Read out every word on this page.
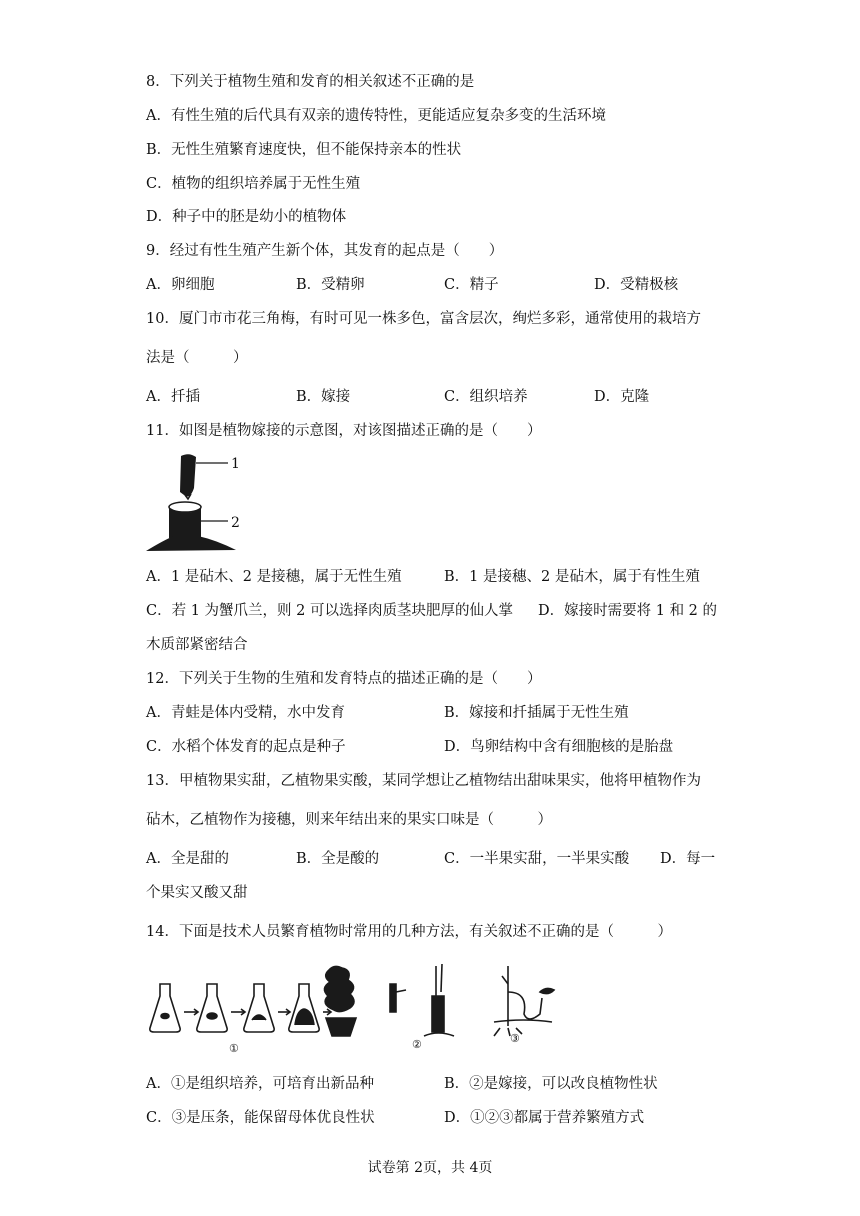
8．下列关于植物生殖和发育的相关叙述不正确的是
A．有性生殖的后代具有双亲的遗传特性，更能适应复杂多变的生活环境
B．无性生殖繁育速度快，但不能保持亲本的性状
C．植物的组织培养属于无性生殖
D．种子中的胚是幼小的植物体
9．经过有性生殖产生新个体，其发育的起点是（　　）
A．卵细胞	B．受精卵	C．精子	D．受精极核
10．厦门市市花三角梅，有时可见一株多色，富含层次，绚烂多彩，通常使用的栽培方
法是（　　　）
A．扦插	B．嫁接	C．组织培养	D．克隆
11．如图是植物嫁接的示意图，对该图描述正确的是（　　）
1
2
A．1 是砧木、2 是接穗，属于无性生殖	B．1 是接穗、2 是砧木，属于有性生殖
C．若 1 为蟹爪兰，则 2 可以选择肉质茎块肥厚的仙人掌 D．嫁接时需要将 1 和 2 的
木质部紧密结合
12．下列关于生物的生殖和发育特点的描述正确的是（　　）
A．青蛙是体内受精，水中发育	B．嫁接和扦插属于无性生殖
C．水稻个体发育的起点是种子	D．鸟卵结构中含有细胞核的是胎盘
13．甲植物果实甜，乙植物果实酸，某同学想让乙植物结出甜味果实，他将甲植物作为
砧木，乙植物作为接穗，则来年结出来的果实口味是（　　　）
A．全是甜的	B．全是酸的	C．一半果实甜，一半果实酸 D．每一
个果实又酸又甜
14．下面是技术人员繁育植物时常用的几种方法，有关叙述不正确的是（　　　）
①	②	③
A．①是组织培养，可培育出新品种	B．②是嫁接，可以改良植物性状
C．③是压条，能保留母体优良性状	D．①②③都属于营养繁殖方式
试卷第 2页，共 4页
